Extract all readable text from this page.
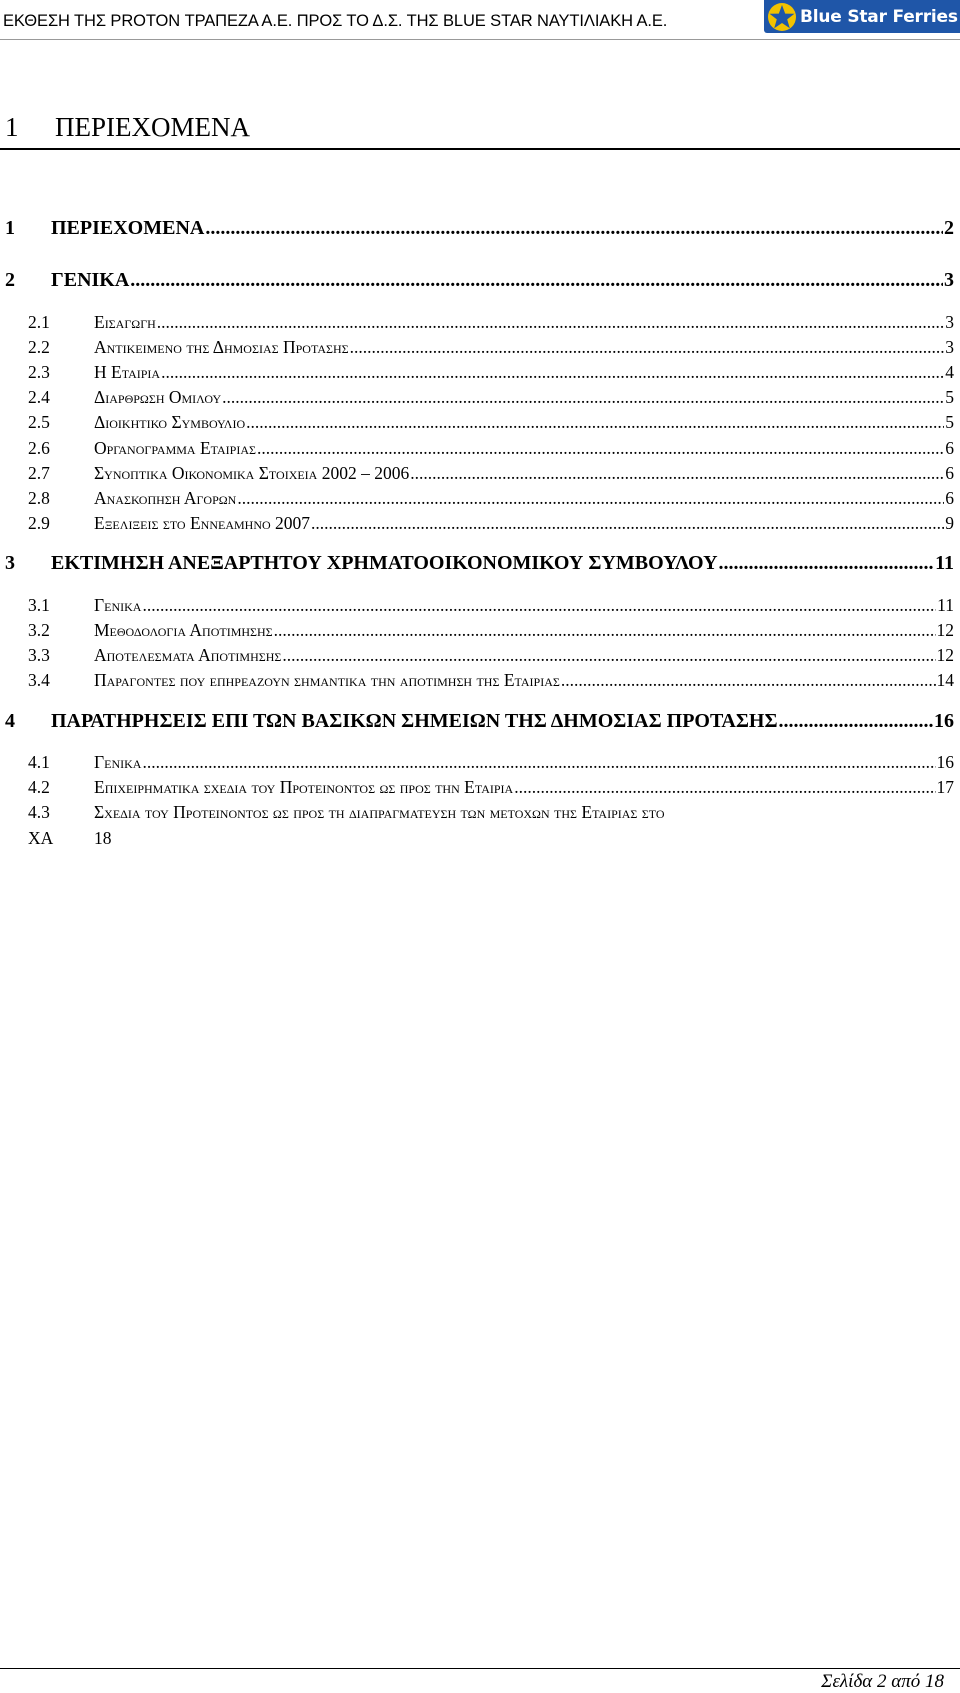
ΕΚΘΕΣΗ ΤΗΣ PROTON ΤΡΑΠΕΖΑ Α.Ε. ΠΡΟΣ ΤΟ Δ.Σ. ΤΗΣ BLUE STAR ΝΑΥΤΙΛΙΑΚΗ Α.Ε.	Blue Star Ferries
1 ΠΕΡΙΕΧΟΜΕΝΑ
1	ΠΕΡΙΕΧΟΜΕΝΑ .....	2
2	ΓΕΝΙΚΑ .....	3
2.1	Εισαγωγη .....	3
2.2	Αντικειμενο της Δημοσιας Προτασης .....	3
2.3	Η Εταιρια .....	4
2.4	Διαρθρωση Ομιλου .....	5
2.5	Διοικητικο Συμβουλιο .....	5
2.6	Οργανογραμμα Εταιριας .....	6
2.7	Συνοπτικα Οικονομικα Στοιχεια 2002 – 2006 .....	6
2.8	Ανασκοπηση Αγορων .....	6
2.9	Εξελιξεις στο Εννεαμηνο 2007 .....	9
3	ΕΚΤΙΜΗΣΗ ΑΝΕΞΑΡΤΗΤΟΥ ΧΡΗΜΑΤΟΟΙΚΟΝΟΜΙΚΟΥ ΣΥΜΒΟΥΛΟΥ .....	11
3.1	Γενικα .....	11
3.2	Μεθοδολογια Αποτιμησης .....	12
3.3	Αποτελεσματα Αποτιμησης .....	12
3.4	Παραγοντες που επηρεαζουν σημαντικα την αποτιμηση της Εταιριας .....	14
4	ΠΑΡΑΤΗΡΗΣΕΙΣ ΕΠΙ ΤΩΝ ΒΑΣΙΚΩΝ ΣΗΜΕΙΩΝ ΤΗΣ ΔΗΜΟΣΙΑΣ ΠΡΟΤΑΣΗΣ .....	16
4.1	Γενικα .....	16
4.2	Επιχειρηματικα σχεδια του Προτεινοντος ως προς την Εταιρια .....	17
4.3	Σχεδια του Προτεινοντος ως προς τη διαπραγματευση των μετοχων της Εταιριας στο
ΧΑ 18
Σελίδα 2 από 18
